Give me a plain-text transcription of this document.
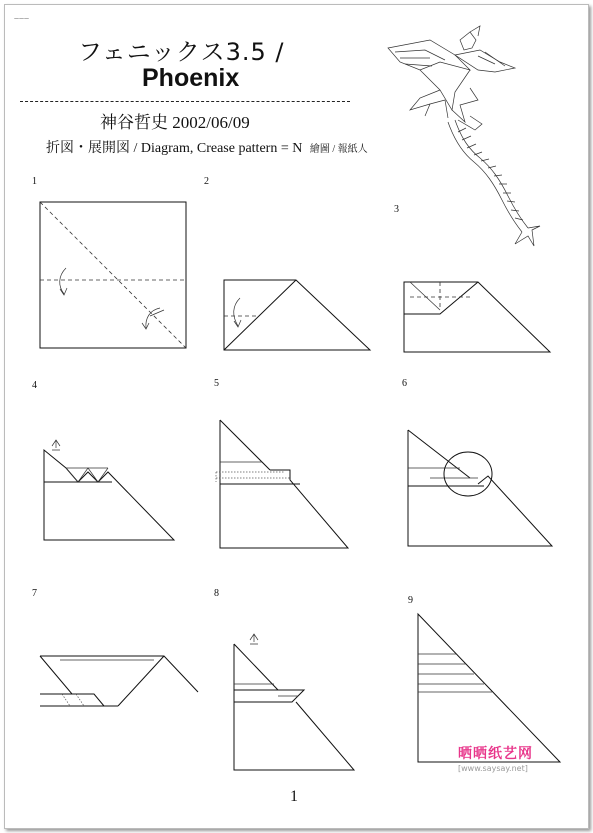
———
フェニックス3.5 /
Phoenix
神谷哲史 2002/06/09
折図・展開図 / Diagram, Crease pattern = N 繪圖 / 報紙人
1	2
3
4	5	6
7	8
9
1
晒晒纸艺网
[www.saysay.net]
